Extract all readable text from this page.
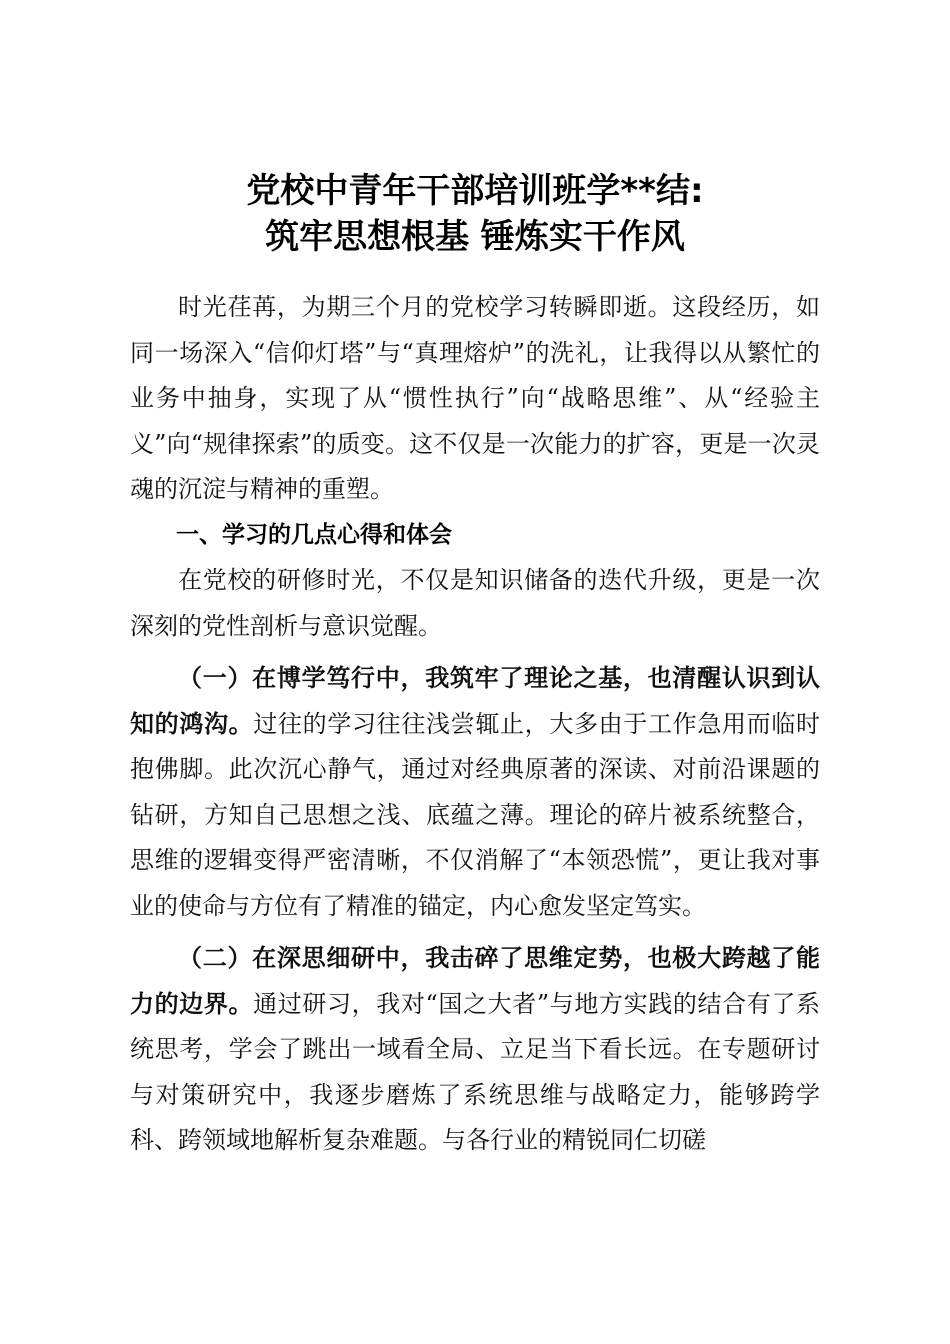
党校中青年干部培训班学**结:
筑牢思想根基 锤炼实干作风

时光荏苒，为期三个月的党校学习转瞬即逝。这段经历，如同一场深入“信仰灯塔”与“真理熔炉”的洗礼，让我得以从繁忙的业务中抽身，实现了从“惯性执行”向“战略思维”、从“经验主义”向“规律探索”的质变。这不仅是一次能力的扩容，更是一次灵魂的沉淀与精神的重塑。

一、学习的几点心得和体会

在党校的研修时光，不仅是知识储备的迭代升级，更是一次深刻的党性剖析与意识觉醒。

（一）在博学笃行中，我筑牢了理论之基，也清醒认识到认知的鸿沟。过往的学习往往浅尝辄止，大多由于工作急用而临时抱佛脚。此次沉心静气，通过对经典原著的深读、对前沿课题的钻研，方知自己思想之浅、底蕴之薄。理论的碎片被系统整合，思维的逻辑变得严密清晰，不仅消解了“本领恐慌”，更让我对事业的使命与方位有了精准的锚定，内心愈发坚定笃实。

（二）在深思细研中，我击碎了思维定势，也极大跨越了能力的边界。通过研习，我对“国之大者”与地方实践的结合有了系统思考，学会了跳出一域看全局、立足当下看长远。在专题研讨与对策研究中，我逐步磨炼了系统思维与战略定力，能够跨学科、跨领域地解析复杂难题。与各行业的精锐同仁切磋
